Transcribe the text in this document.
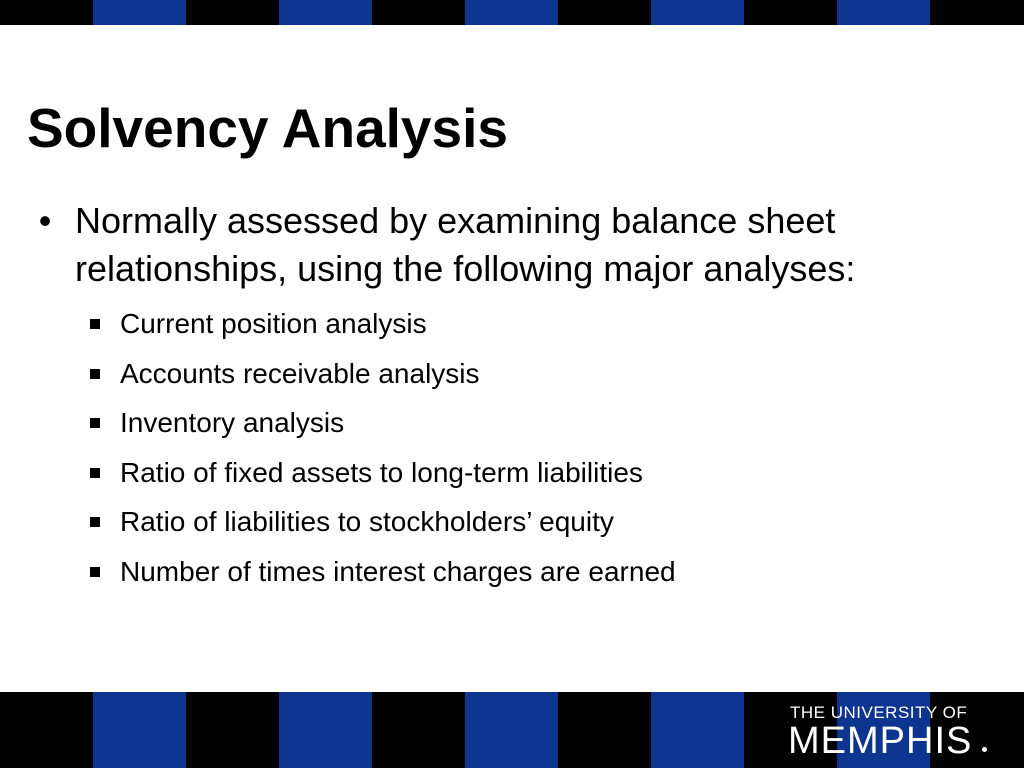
Solvency Analysis
• Normally assessed by examining balance sheet relationships, using the following major analyses:
Current position analysis
Accounts receivable analysis
Inventory analysis
Ratio of fixed assets to long-term liabilities
Ratio of liabilities to stockholders’ equity
Number of times interest charges are earned
THE UNIVERSITY OF
MEMPHIS
